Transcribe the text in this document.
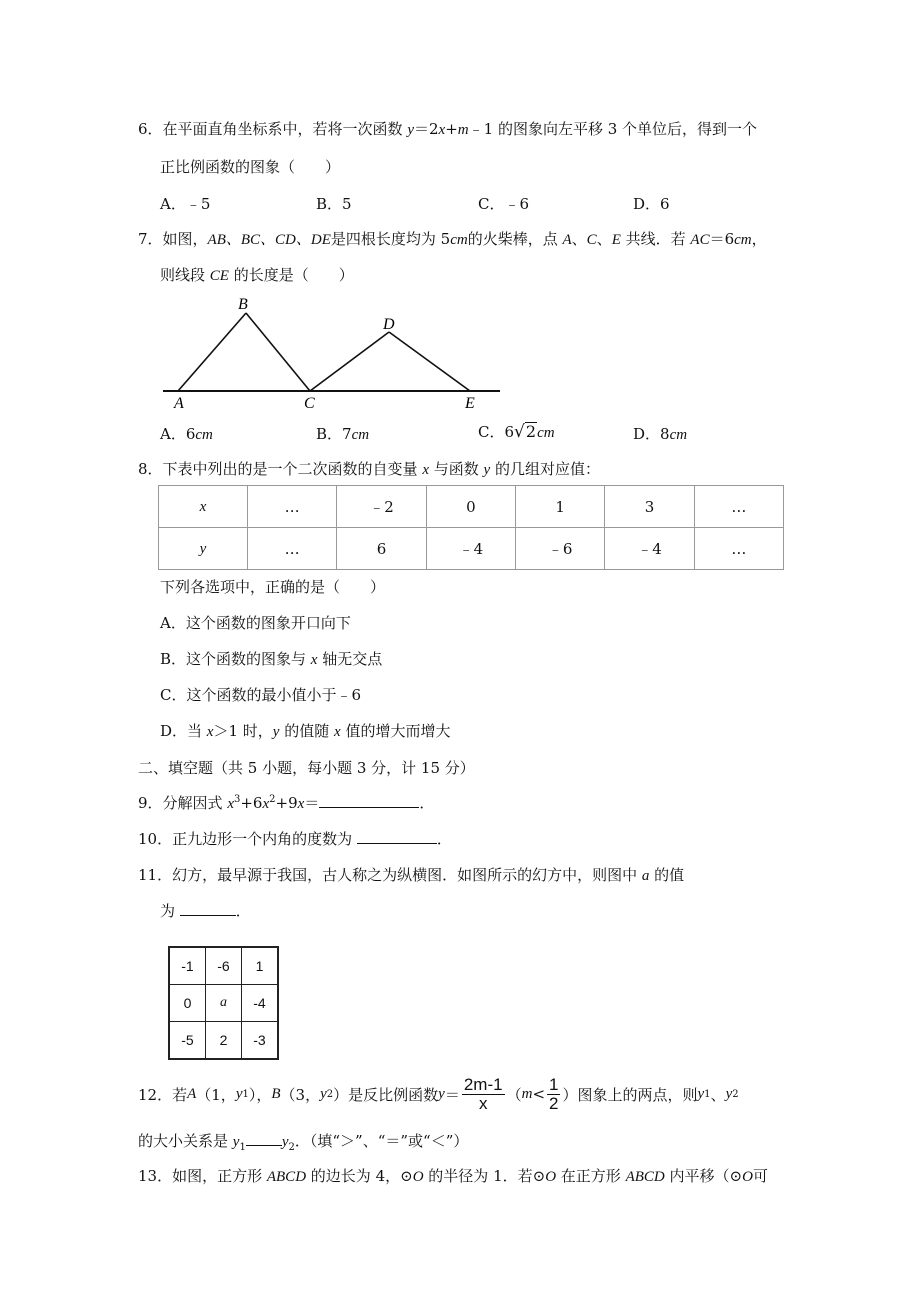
6．在平面直角坐标系中，若将一次函数 y＝2x+m﹣1 的图象向左平移 3 个单位后，得到一个
正比例函数的图象（　　）
A．﹣5	B．5	C．﹣6	D．6
7．如图，AB、BC、CD、DE是四根长度均为 5cm的火柴棒，点 A、C、E 共线．若 AC＝6cm，
则线段 CE 的长度是（　　）
A
B
C
D
E
A．6cm	B．7cm	C．6√2cm	D．8cm
8．下表中列出的是一个二次函数的自变量 x 与函数 y 的几组对应值：
x	…	﹣2	0	1	3	…
y	…	6	﹣4	﹣6	﹣4	…
下列各选项中，正确的是（　　）
A．这个函数的图象开口向下
B．这个函数的图象与 x 轴无交点
C．这个函数的最小值小于﹣6
D．当 x＞1 时，y 的值随 x 值的增大而增大
二、填空题（共 5 小题，每小题 3 分，计 15 分）
9．分解因式 $x^3+6x^2+9x=$	．
10．正九边形一个内角的度数为	．
11．幻方，最早源于我国，古人称之为纵横图．如图所示的幻方中，则图中 a 的值
为	．
-1	-6	1
0	a	-4
-5	2	-3
12．若 A （1， y 1 ）， B （3， y 2 ）是反比例函数 $y = \frac{2m-1}{x}$ （ $m < \frac{1}{2}$ ）图象上的两点，则 y 1 、 y 2
的大小关系是 $y_1$ $y_2$．（填“＞”、“＝”或“＜”）
13．如图，正方形 ABCD 的边长为 4，⊙O 的半径为 1．若⊙O 在正方形 ABCD 内平移（⊙O可
